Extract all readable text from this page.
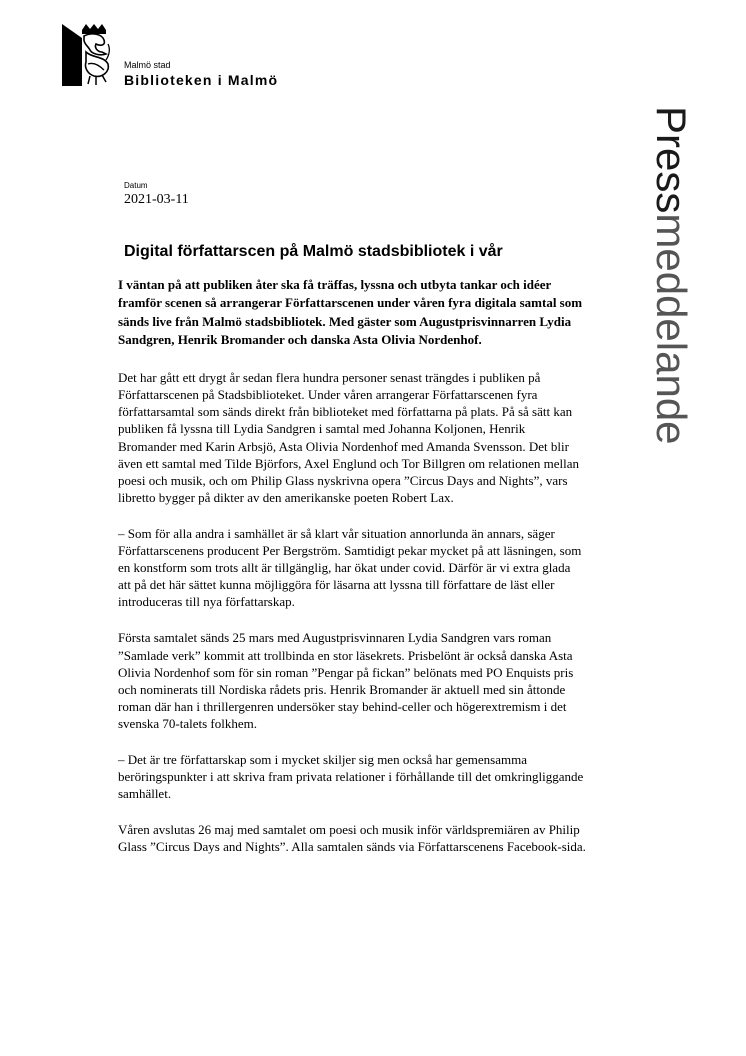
Malmö stad
Biblioteken i Malmö
Pressmeddelande
Datum
2021-03-11
Digital författarscen på Malmö stadsbibliotek i vår

I väntan på att publiken åter ska få träffas, lyssna och utbyta tankar och idéer framför scenen så arrangerar Författarscenen under våren fyra digitala samtal som sänds live från Malmö stadsbibliotek. Med gäster som Augustprisvinnarren Lydia Sandgren, Henrik Bromander och danska Asta Olivia Nordenhof.

Det har gått ett drygt år sedan flera hundra personer senast trängdes i publiken på Författarscenen på Stadsbiblioteket. Under våren arrangerar Författarscenen fyra författarsamtal som sänds direkt från biblioteket med författarna på plats. På så sätt kan publiken få lyssna till Lydia Sandgren i samtal med Johanna Koljonen, Henrik Bromander med Karin Arbsjö, Asta Olivia Nordenhof med Amanda Svensson. Det blir även ett samtal med Tilde Björfors, Axel Englund och Tor Billgren om relationen mellan poesi och musik, och om Philip Glass nyskrivna opera ”Circus Days and Nights”, vars libretto bygger på dikter av den amerikanske poeten Robert Lax.

– Som för alla andra i samhället är så klart vår situation annorlunda än annars, säger Författarscenens producent Per Bergström. Samtidigt pekar mycket på att läsningen, som en konstform som trots allt är tillgänglig, har ökat under covid. Därför är vi extra glada att på det här sättet kunna möjliggöra för läsarna att lyssna till författare de läst eller introduceras till nya författarskap.

Första samtalet sänds 25 mars med Augustprisvinnaren Lydia Sandgren vars roman ”Samlade verk” kommit att trollbinda en stor läsekrets. Prisbelönt är också danska Asta Olivia Nordenhof som för sin roman ”Pengar på fickan” belönats med PO Enquists pris och nominerats till Nordiska rådets pris. Henrik Bromander är aktuell med sin åttonde roman där han i thrillergenren undersöker stay behind-celler och högerextremism i det svenska 70-talets folkhem.

– Det är tre författarskap som i mycket skiljer sig men också har gemensamma beröringspunkter i att skriva fram privata relationer i förhållande till det omkringliggande samhället.

Våren avslutas 26 maj med samtalet om poesi och musik inför världspremiären av Philip Glass ”Circus Days and Nights”. Alla samtalen sänds via Författarscenens Facebook-sida.
